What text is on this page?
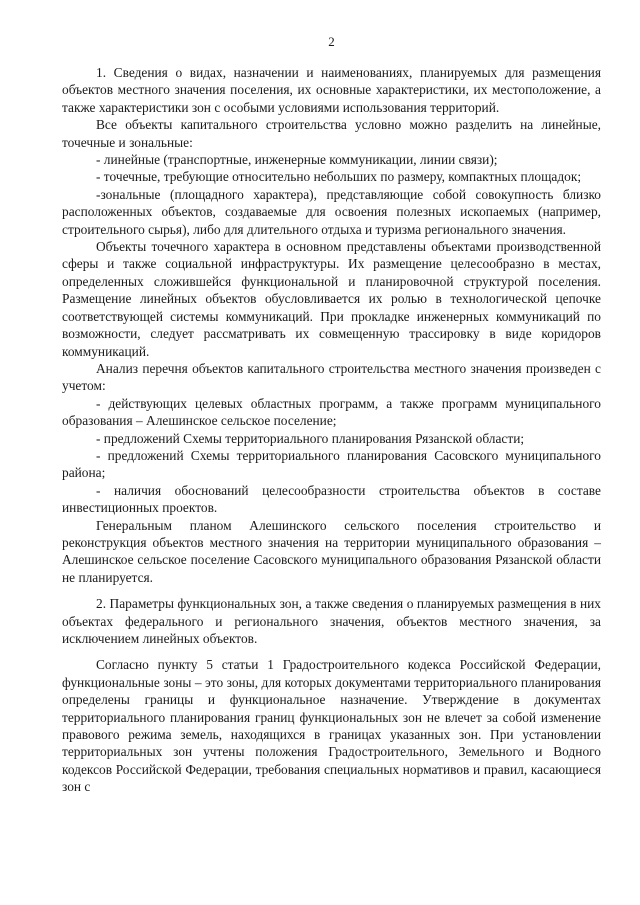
2

1. Сведения о видах, назначении и наименованиях, планируемых для размещения объектов местного значения поселения, их основные характеристики, их местоположение, а также характеристики зон с особыми условиями использования территорий.

Все объекты капитального строительства условно можно разделить на линейные, точечные и зональные:

- линейные (транспортные, инженерные коммуникации, линии связи);

- точечные, требующие относительно небольших по размеру, компактных площадок;

-зональные (площадного характера), представляющие собой совокупность близко расположенных объектов, создаваемые для освоения полезных ископаемых (например, строительного сырья), либо для длительного отдыха и туризма регионального значения.

Объекты точечного характера в основном представлены объектами производственной сферы и также социальной инфраструктуры. Их размещение целесообразно в местах, определенных сложившейся функциональной и планировочной структурой поселения. Размещение линейных объектов обусловливается их ролью в технологической цепочке соответствующей системы коммуникаций. При прокладке инженерных коммуникаций по возможности, следует рассматривать их совмещенную трассировку в виде коридоров коммуникаций.

Анализ перечня объектов капитального строительства местного значения произведен с учетом:

- действующих целевых областных программ, а также программ муниципального образования – Алешинское сельское поселение;

- предложений Схемы территориального планирования Рязанской области;

- предложений Схемы территориального планирования Сасовского муниципального района;

- наличия обоснований целесообразности строительства объектов в составе инвестиционных проектов.

Генеральным планом Алешинского сельского поселения строительство и реконструкция объектов местного значения на территории муниципального образования – Алешинское сельское поселение Сасовского муниципального образования Рязанской области не планируется.

2. Параметры функциональных зон, а также сведения о планируемых размещения в них объектах федерального и регионального значения, объектов местного значения, за исключением линейных объектов.

Согласно пункту 5 статьи 1 Градостроительного кодекса Российской Федерации, функциональные зоны – это зоны, для которых документами территориального планирования определены границы и функциональное назначение. Утверждение в документах территориального планирования границ функциональных зон не влечет за собой изменение правового режима земель, находящихся в границах указанных зон. При установлении территориальных зон учтены положения Градостроительного, Земельного и Водного кодексов Российской Федерации, требования специальных нормативов и правил, касающиеся зон с
